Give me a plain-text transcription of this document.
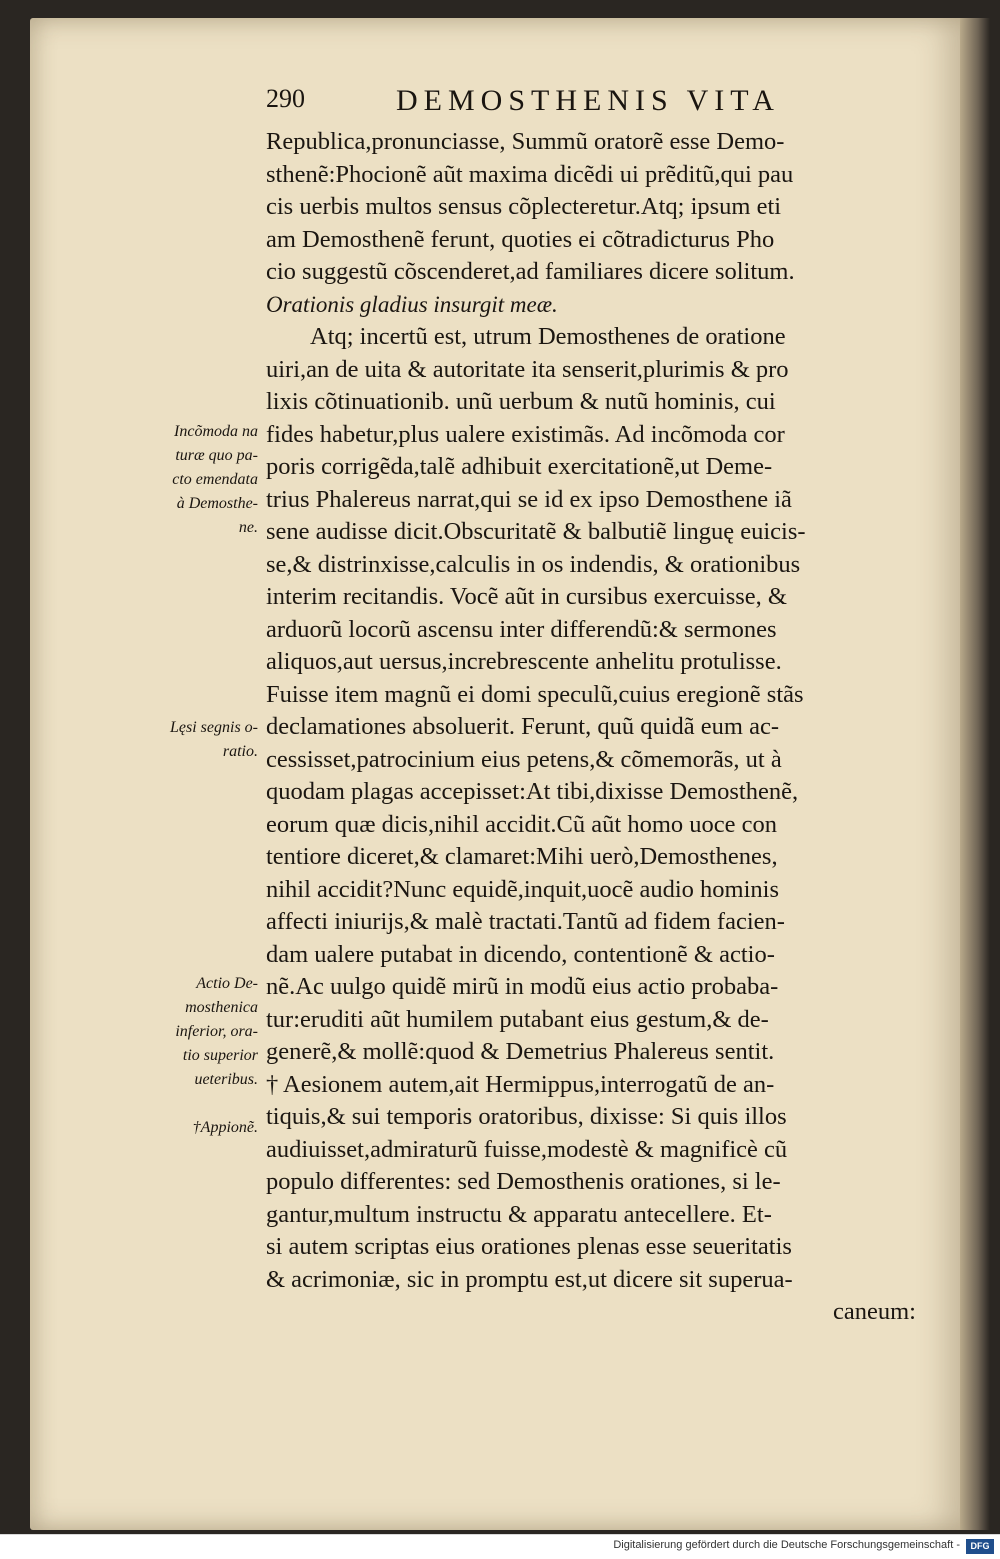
290	DEMOSTHENIS VITA
Republica,pronunciasse, Summũ oratorẽ esse Demo-
sthenẽ:Phocionẽ aũt maxima dicẽdi ui prẽditũ,qui pau
cis uerbis multos sensus cõplecteretur.Atq; ipsum eti
am Demosthenẽ ferunt, quoties ei cõtradicturus Pho
cio suggestũ cõscenderet,ad familiares dicere solitum.
Orationis gladius insurgit meæ.
Atq; incertũ est, utrum Demosthenes de oratione
uiri,an de uita & autoritate ita senserit,plurimis & pro
lixis cõtinuationib. unũ uerbum & nutũ hominis, cui
fides habetur,plus ualere existimãs. Ad incõmoda cor
poris corrigẽda,talẽ adhibuit exercitationẽ,ut Deme-
trius Phalereus narrat,qui se id ex ipso Demosthene iã
sene audisse dicit.Obscuritatẽ & balbutiẽ linguę euicis-
se,& distrinxisse,calculis in os indendis, & orationibus
interim recitandis. Vocẽ aũt in cursibus exercuisse, &
arduorũ locorũ ascensu inter differendũ:& sermones
aliquos,aut uersus,increbrescente anhelitu protulisse.
Fuisse item magnũ ei domi speculũ,cuius eregionẽ stãs
declamationes absoluerit. Ferunt, quũ quidã eum ac-
cessisset,patrocinium eius petens,& cõmemorãs, ut à
quodam plagas accepisset:At tibi,dixisse Demosthenẽ,
eorum quæ dicis,nihil accidit.Cũ aũt homo uoce con
tentiore diceret,& clamaret:Mihi uerò,Demosthenes,
nihil accidit?Nunc equidẽ,inquit,uocẽ audio hominis
affecti iniurijs,& malè tractati.Tantũ ad fidem facien-
dam ualere putabat in dicendo, contentionẽ & actio-
nẽ.Ac uulgo quidẽ mirũ in modũ eius actio probaba-
tur:eruditi aũt humilem putabant eius gestum,& de-
generẽ,& mollẽ:quod & Demetrius Phalereus sentit.
† Aesionem autem,ait Hermippus,interrogatũ de an-
tiquis,& sui temporis oratoribus, dixisse: Si quis illos
audiuisset,admiraturũ fuisse,modestè & magnificè cũ
populo differentes: sed Demosthenis orationes, si le-
gantur,multum instructu & apparatu antecellere. Et-
si autem scriptas eius orationes plenas esse seueritatis
& acrimoniæ, sic in promptu est,ut dicere sit superua-
caneum:
Incõmoda na
turæ quo pa-
cto emendata
à Demosthe-
ne.
Lęsi segnis o-
ratio.
Actio De-
mosthenica
inferior, ora-
tio superior
ueteribus.
†Appionẽ.
Digitalisierung gefördert durch die Deutsche Forschungsgemeinschaft -	DFG
